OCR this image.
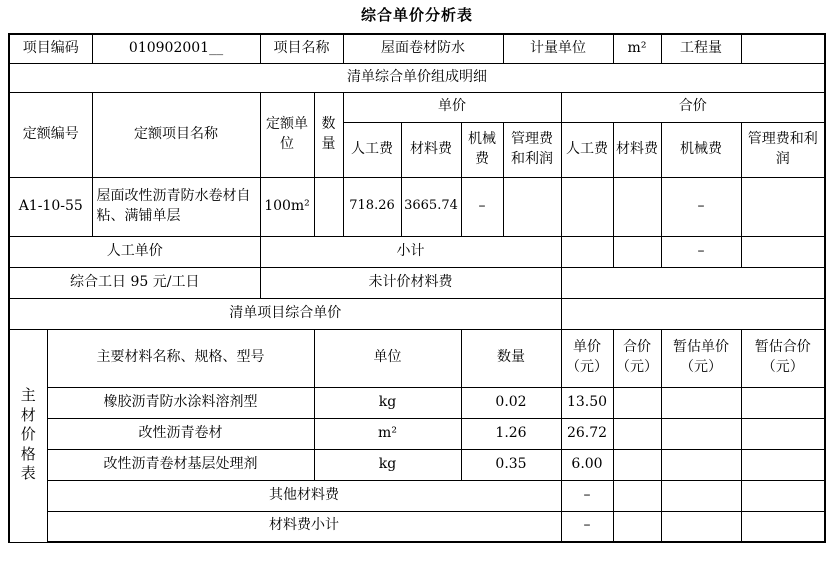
综合单价分析表
项目编码		010902001__	项目名称		屋面卷材防水			计量单位		m²	工程量	
清单综合单价组成明细												
定额编号		定额项目名称	定额单位	数量	单价				合价			
					人工费	材料费	机械费	管理费和利润	人工费	材料费	机械费	管理费和利润
A1-10-55		屋面改性沥青防水卷材自粘、满铺单层	100m²		718.26	3665.74	–				–	
人工单价			小计								–	
综合工日 95 元/工日			未计价材料费									
清单项目综合单价												
主材价格表	主要材料名称、规格、型号			单位			数量		单价（元）	合价（元）	暂估单价（元）	暂估合价（元）
	橡胶沥青防水涂料溶剂型			kg			0.02		13.50			
	改性沥青卷材			m²			1.26		26.72			
	改性沥青卷材基层处理剂			kg			0.35		6.00			
	其他材料费								–			
	材料费小计								–			
